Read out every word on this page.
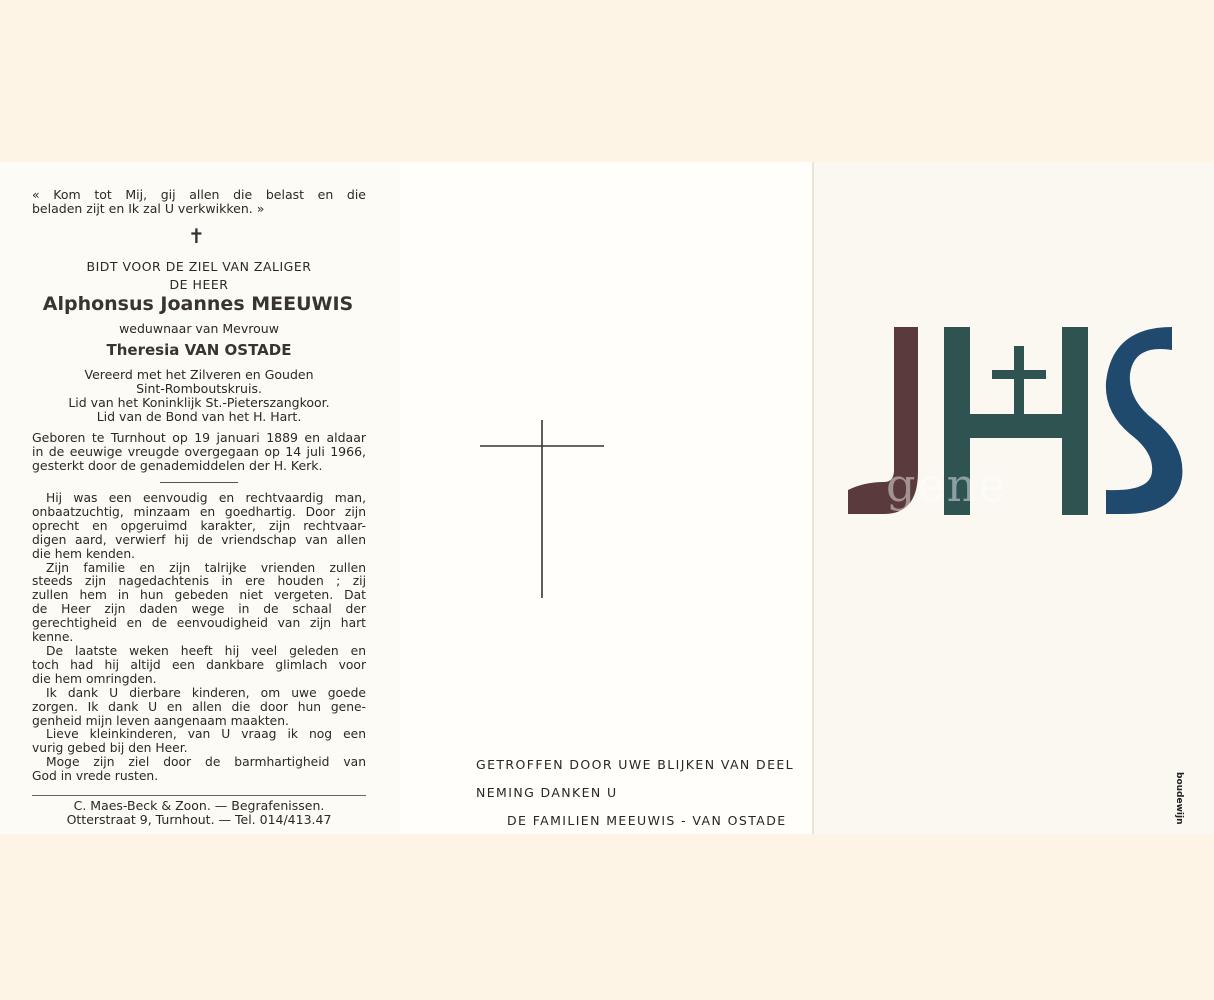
« Kom tot Mij, gij allen die belast en die
beladen zijt en Ik zal U verkwikken. »
✝
BIDT VOOR DE ZIEL VAN ZALIGER
DE HEER
Alphonsus Joannes MEEUWIS
weduwnaar van Mevrouw
Theresia VAN OSTADE
Vereerd met het Zilveren en Gouden
Sint-Romboutskruis.
Lid van het Koninklijk St.-Pieterszangkoor.
Lid van de Bond van het H. Hart.
Geboren te Turnhout op 19 januari 1889 en aldaar
in de eeuwige vreugde overgegaan op 14 juli 1966,
gesterkt door de genademiddelen der H. Kerk.
Hij was een eenvoudig en rechtvaardig man,
onbaatzuchtig, minzaam en goedhartig. Door zijn
oprecht en opgeruimd karakter, zijn rechtvaar-
digen aard, verwierf hij de vriendschap van allen
die hem kenden.
Zijn familie en zijn talrijke vrienden zullen
steeds zijn nagedachtenis in ere houden ; zij
zullen hem in hun gebeden niet vergeten. Dat
de Heer zijn daden wege in de schaal der
gerechtigheid en de eenvoudigheid van zijn hart
kenne.
De laatste weken heeft hij veel geleden en
toch had hij altijd een dankbare glimlach voor
die hem omringden.
Ik dank U dierbare kinderen, om uwe goede
zorgen. Ik dank U en allen die door hun gene-
genheid mijn leven aangenaam maakten.
Lieve kleinkinderen, van U vraag ik nog een
vurig gebed bij den Heer.
Moge zijn ziel door de barmhartigheid van
God in vrede rusten.
C. Maes-Beck & Zoon. — Begrafenissen.
Otterstraat 9, Turnhout. — Tel. 014/413.47
GETROFFEN DOOR UWE BLIJKEN VAN DEEL
NEMING DANKEN U
DE FAMILIEN MEEUWIS - VAN OSTADE
gene
boudewijn
